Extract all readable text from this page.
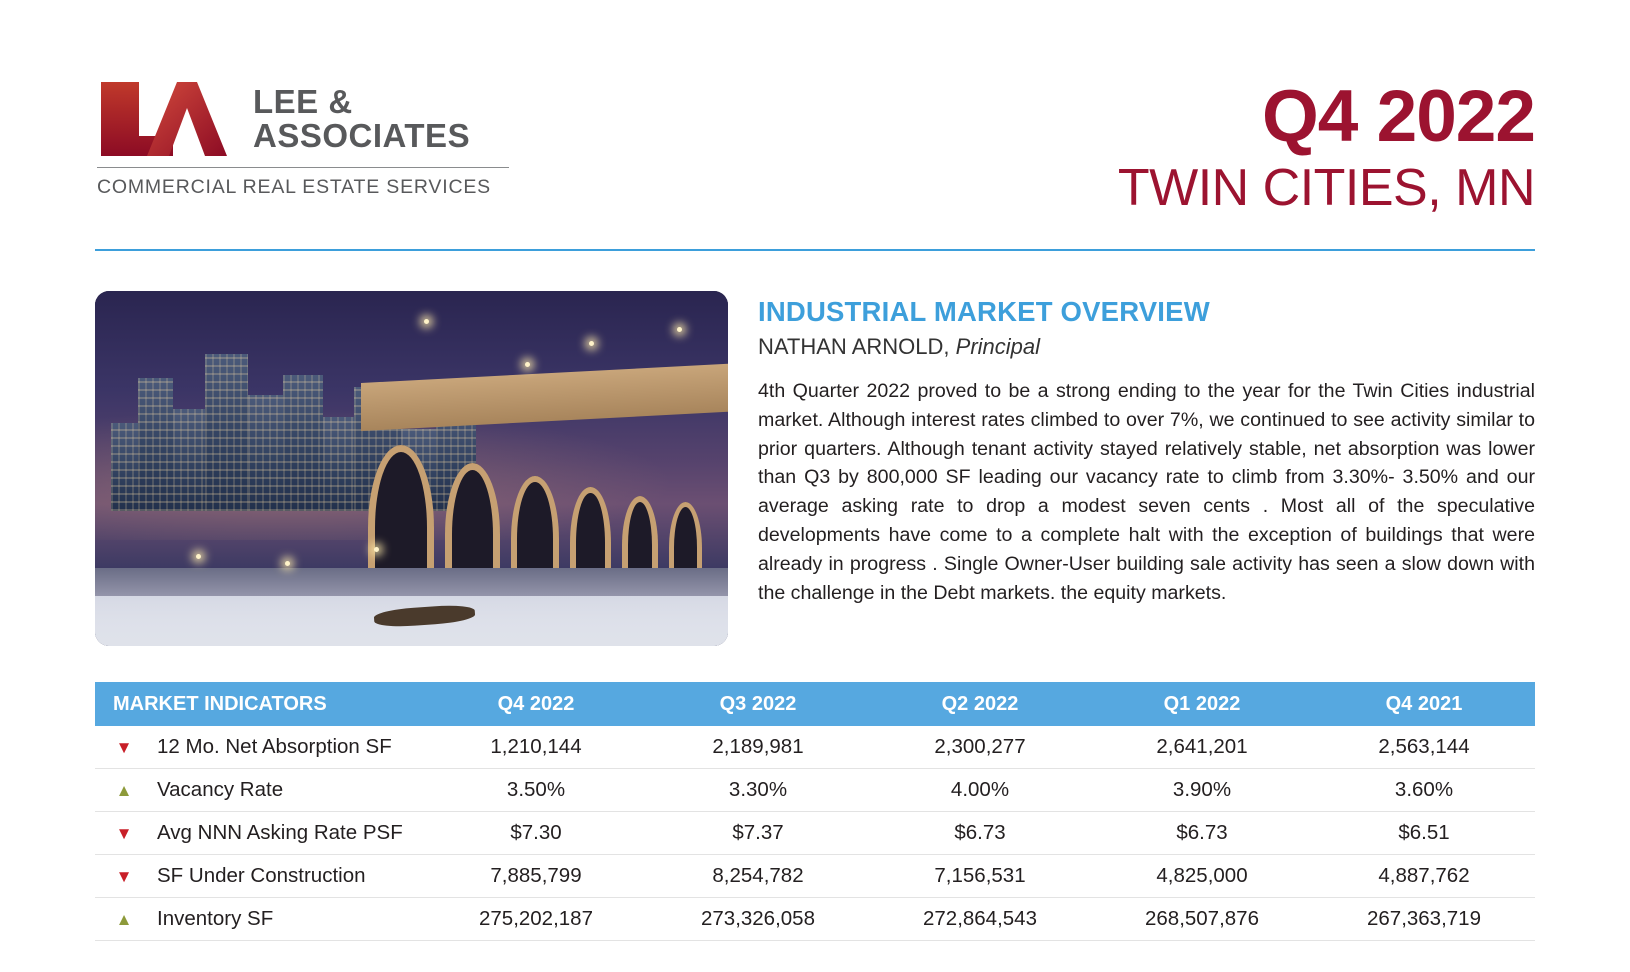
LEE &
ASSOCIATES
COMMERCIAL REAL ESTATE SERVICES
Q4 2022
TWIN CITIES, MN
INDUSTRIAL MARKET OVERVIEW
NATHAN ARNOLD, Principal
4th Quarter 2022 proved to be a strong ending to the year for the Twin Cities industrial market. Although interest rates climbed to over 7%, we continued to see activity similar to prior quarters. Although tenant activity stayed relatively stable, net absorption was lower than Q3 by 800,000 SF leading our vacancy rate to climb from 3.30%- 3.50% and our average asking rate to drop a modest seven cents . Most all of the speculative developments have come to a complete halt with the exception of buildings that were already in progress . Single Owner-User building sale activity has seen a slow down with the challenge in the Debt markets. the equity markets.
MARKET INDICATORS	Q4 2022	Q3 2022	Q2 2022	Q1 2022	Q4 2021
▼	12 Mo. Net Absorption SF	1,210,144	2,189,981	2,300,277	2,641,201	2,563,144
▲	Vacancy Rate	3.50%	3.30%	4.00%	3.90%	3.60%
▼	Avg NNN Asking Rate PSF	$7.30	$7.37	$6.73	$6.73	$6.51
▼	SF Under Construction	7,885,799	8,254,782	7,156,531	4,825,000	4,887,762
▲	Inventory SF	275,202,187	273,326,058	272,864,543	268,507,876	267,363,719
